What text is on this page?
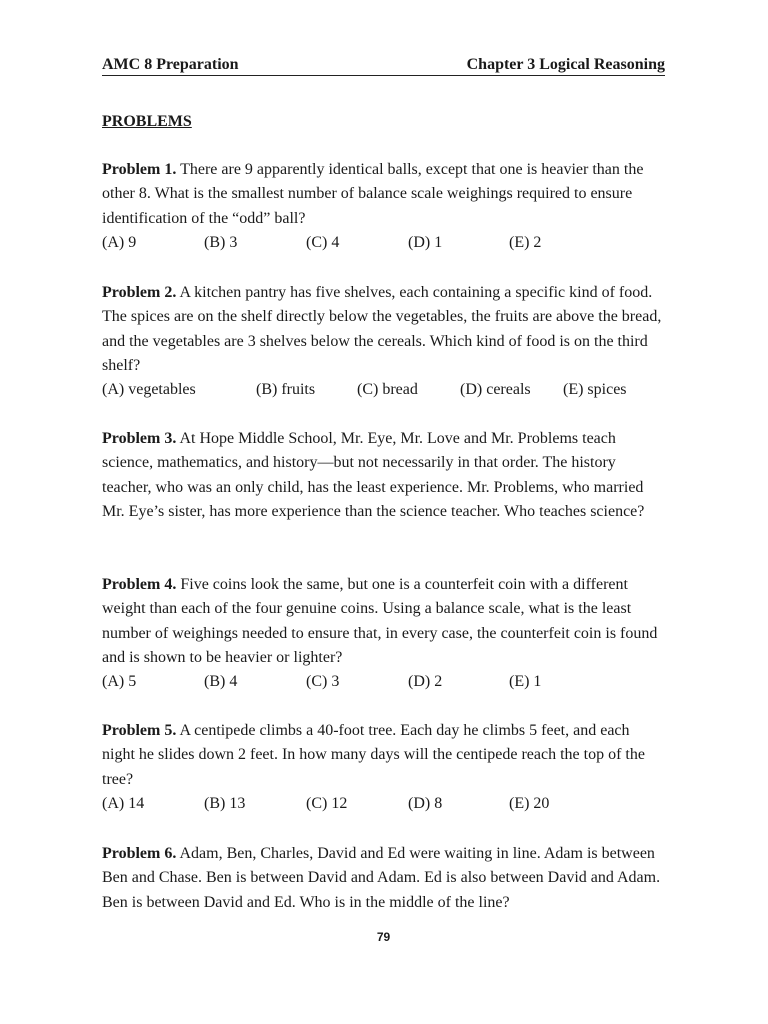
AMC 8 Preparation	Chapter 3 Logical Reasoning
PROBLEMS
Problem 1. There are 9 apparently identical balls, except that one is heavier than the other 8. What is the smallest number of balance scale weighings required to ensure identification of the “odd” ball?
(A) 9	(B) 3	(C) 4	(D) 1	(E) 2
Problem 2. A kitchen pantry has five shelves, each containing a specific kind of food. The spices are on the shelf directly below the vegetables, the fruits are above the bread, and the vegetables are 3 shelves below the cereals. Which kind of food is on the third shelf?
(A) vegetables	(B) fruits	(C) bread	(D) cereals	(E) spices
Problem 3. At Hope Middle School, Mr. Eye, Mr. Love and Mr. Problems teach science, mathematics, and history—but not necessarily in that order. The history teacher, who was an only child, has the least experience. Mr. Problems, who married Mr. Eye’s sister, has more experience than the science teacher. Who teaches science?
Problem 4. Five coins look the same, but one is a counterfeit coin with a different weight than each of the four genuine coins. Using a balance scale, what is the least number of weighings needed to ensure that, in every case, the counterfeit coin is found and is shown to be heavier or lighter?
(A) 5	(B) 4	(C) 3	(D) 2	(E) 1
Problem 5. A centipede climbs a 40-foot tree. Each day he climbs 5 feet, and each night he slides down 2 feet. In how many days will the centipede reach the top of the tree?
(A) 14	(B) 13	(C) 12	(D) 8	(E) 20
Problem 6. Adam, Ben, Charles, David and Ed were waiting in line. Adam is between Ben and Chase. Ben is between David and Adam. Ed is also between David and Adam. Ben is between David and Ed. Who is in the middle of the line?
79
